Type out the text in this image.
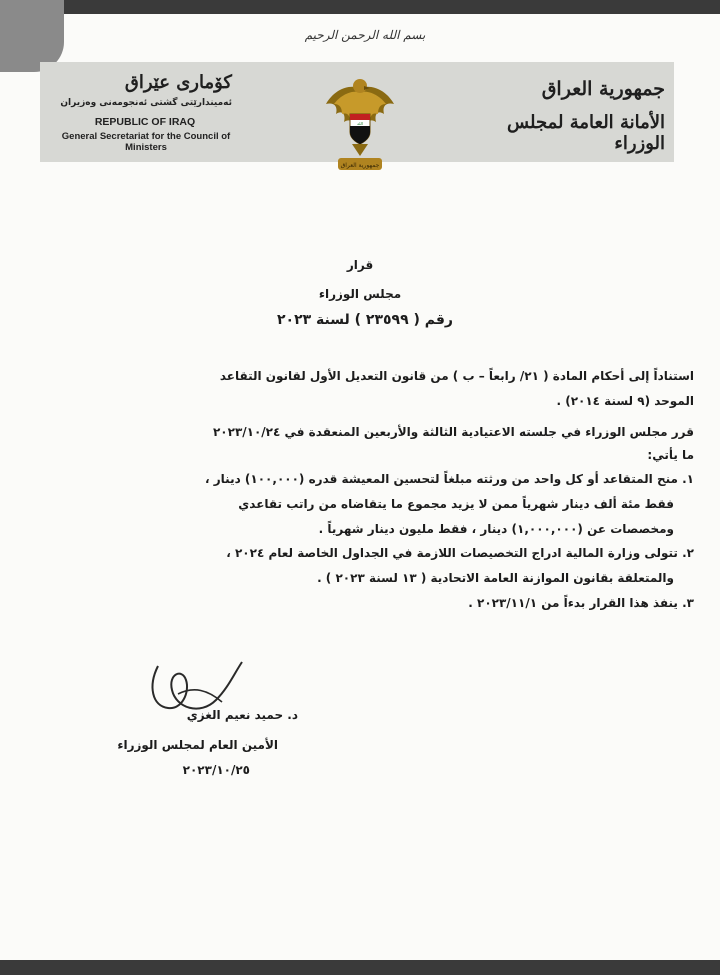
بسم الله الرحمن الرحيم
كۆماری عێراق
ئەمیندارێتی گشتی ئەنجومەنی وەزیران
REPUBLIC OF IRAQ
General Secretariat for the Council of Ministers
جمهورية العراق
الأمانة العامة لمجلس الوزراء
الله
جمهورية العراق
قرار
مجلس الوزراء
رقم ( ٢٣٥٩٩ ) لسنة ٢٠٢٣
استناداً إلى أحكام المادة ( ٢١/ رابعاً – ب ) من قانون التعديل الأول لقانون التقاعد
الموحد (٩ لسنة ٢٠١٤) .
قرر مجلس الوزراء في جلسته الاعتيادية الثالثة والأربعين المنعقدة في ٢٠٢٣/١٠/٢٤
ما يأتي:
١. منح المتقاعد أو كل واحد من ورثته مبلغاً لتحسين المعيشة قدره (١٠٠,٠٠٠) دينار ،
فقط مئة ألف دينار شهرياً ممن لا يزيد مجموع ما يتقاضاه من راتب تقاعدي
ومخصصات عن (١,٠٠٠,٠٠٠) دينار ، فقط مليون دينار شهرياً .
٢. تتولى وزارة المالية ادراج التخصيصات اللازمة في الجداول الخاصة لعام ٢٠٢٤ ،
والمتعلقة بقانون الموازنة العامة الاتحادية ( ١٣ لسنة ٢٠٢٣ ) .
٣. ينفذ هذا القرار بدءاً من ٢٠٢٣/١١/١ .
د. حميد نعيم الغزي
الأمين العام لمجلس الوزراء
٢٠٢٣/١٠/٢٥
